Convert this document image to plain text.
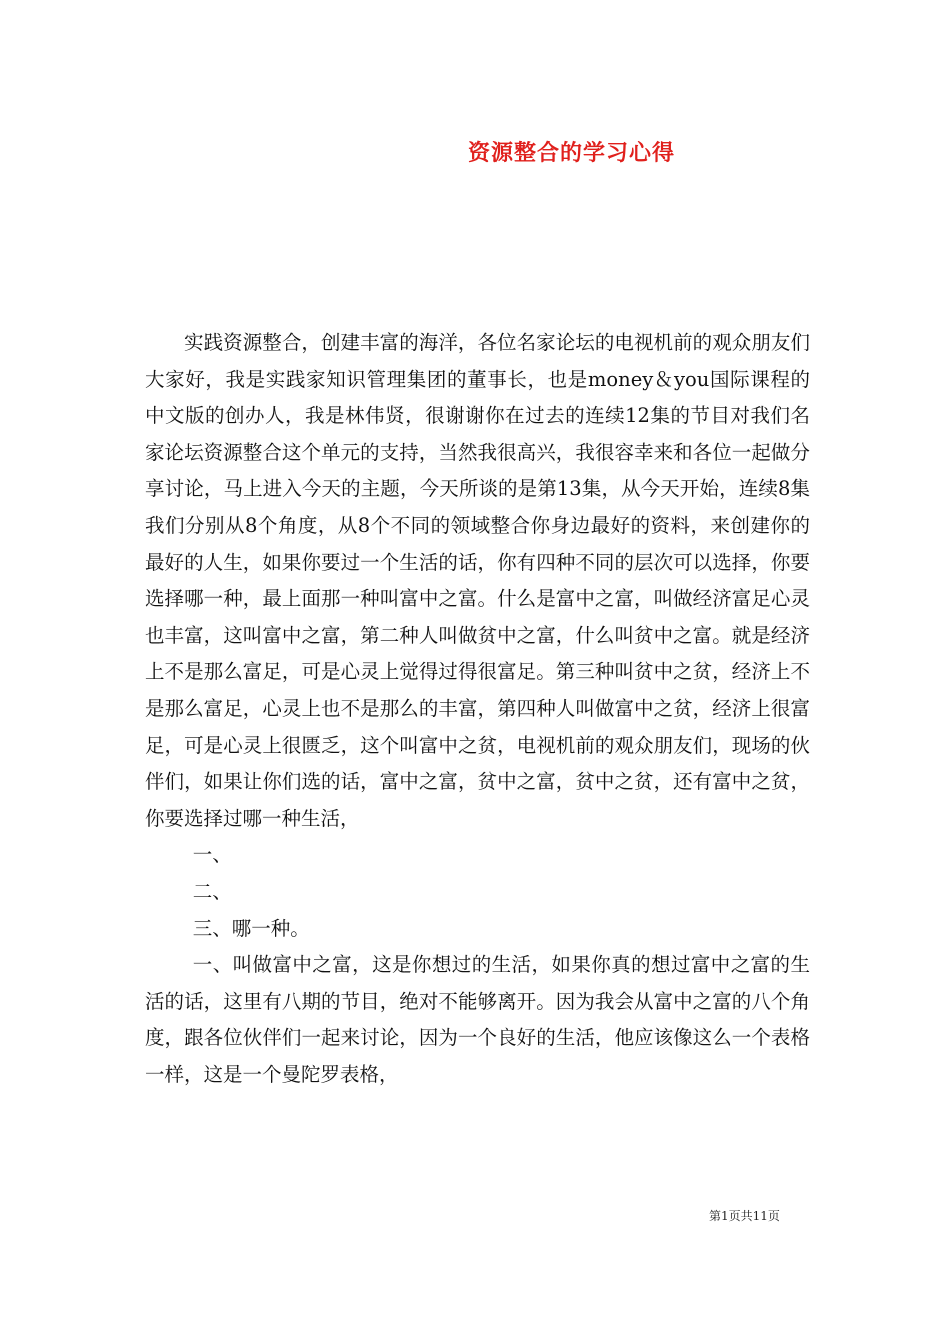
资源整合的学习心得

实践资源整合，创建丰富的海洋，各位名家论坛的电视机前的观众朋友们大家好，我是实践家知识管理集团的董事长，也是money＆you国际课程的中文版的创办人，我是林伟贤，很谢谢你在过去的连续12集的节目对我们名家论坛资源整合这个单元的支持，当然我很高兴，我很容幸来和各位一起做分享讨论，马上进入今天的主题，今天所谈的是第13集，从今天开始，连续8集我们分别从8个角度，从8个不同的领域整合你身边最好的资料，来创建你的最好的人生，如果你要过一个生活的话，你有四种不同的层次可以选择，你要选择哪一种，最上面那一种叫富中之富。什么是富中之富，叫做经济富足心灵也丰富，这叫富中之富，第二种人叫做贫中之富，什么叫贫中之富。就是经济上不是那么富足，可是心灵上觉得过得很富足。第三种叫贫中之贫，经济上不是那么富足，心灵上也不是那么的丰富，第四种人叫做富中之贫，经济上很富足，可是心灵上很匮乏，这个叫富中之贫，电视机前的观众朋友们，现场的伙伴们，如果让你们选的话，富中之富，贫中之富，贫中之贫，还有富中之贫，你要选择过哪一种生活，

一、

二、

三、哪一种。

一、叫做富中之富，这是你想过的生活，如果你真的想过富中之富的生活的话，这里有八期的节目，绝对不能够离开。因为我会从富中之富的八个角度，跟各位伙伴们一起来讨论，因为一个良好的生活，他应该像这么一个表格一样，这是一个曼陀罗表格，

第1页共11页
